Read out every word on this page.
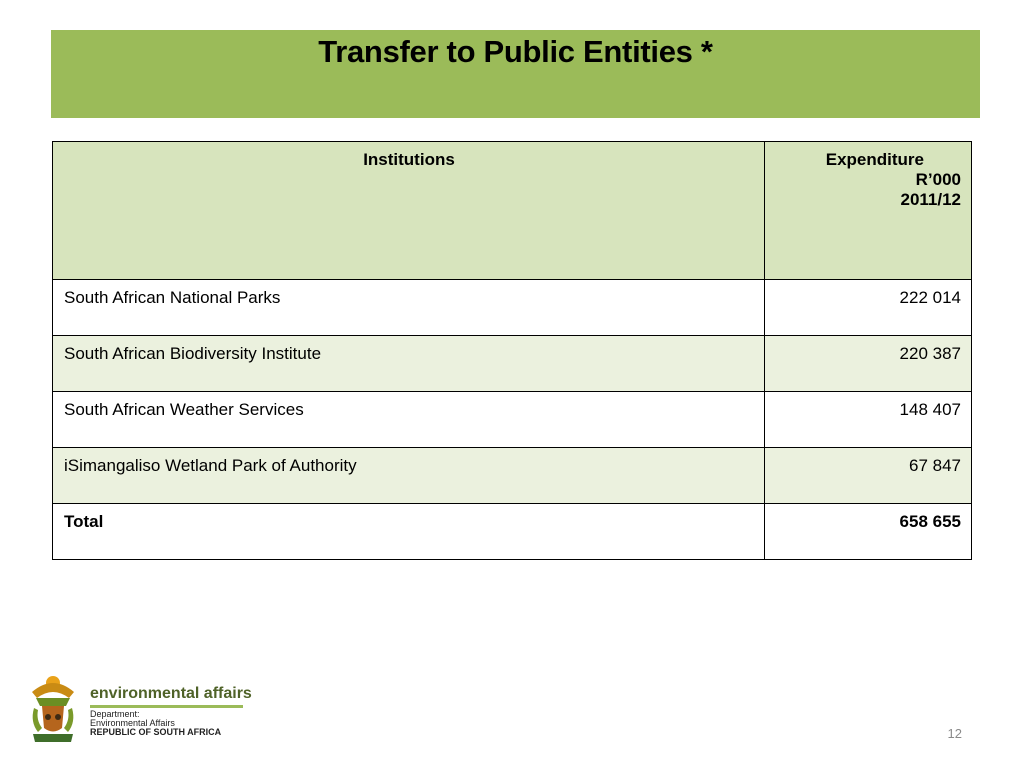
Transfer to Public Entities *
Institutions	Expenditure
R’000
2011/12

South African National Parks	222 014
South African Biodiversity Institute	220 387
South African Weather Services	148 407
iSimangaliso Wetland Park of Authority	67 847
Total	658 655
environmental affairs
Department:
Environmental Affairs
REPUBLIC OF SOUTH AFRICA	12
